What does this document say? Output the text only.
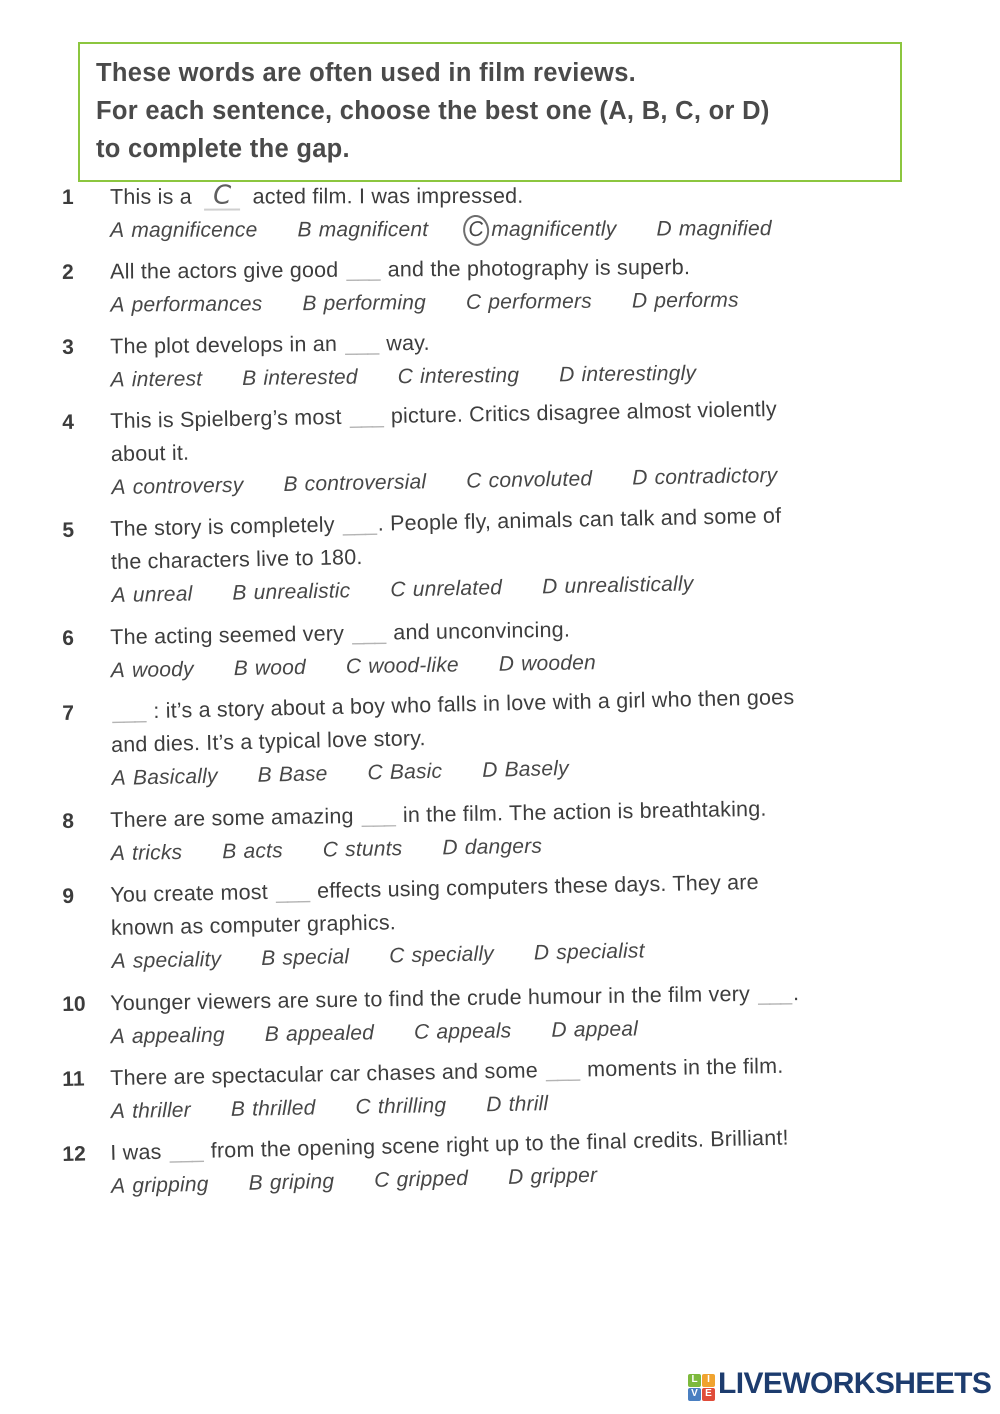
These words are often used in film reviews.
For each sentence, choose the best one (A, B, C, or D)
to complete the gap.
1	This is a C acted film. I was impressed.
A magnificence B magnificent C magnificently D magnified
2	All the actors give good ___ and the photography is superb.
A performances B performing C performers D performs
3	The plot develops in an ___ way.
A interest B interested C interesting D interestingly
4	This is Spielberg’s most ___ picture. Critics disagree almost violently
about it.
A controversy B controversial C convoluted D contradictory
5	The story is completely ___. People fly, animals can talk and some of
the characters live to 180.
A unreal B unrealistic C unrelated D unrealistically
6	The acting seemed very ___ and unconvincing.
A woody B wood C wood-like D wooden
7	___ : it’s a story about a boy who falls in love with a girl who then goes
and dies. It’s a typical love story.
A Basically B Base C Basic D Basely
8	There are some amazing ___ in the film. The action is breathtaking.
A tricks B acts C stunts D dangers
9	You create most ___ effects using computers these days. They are
known as computer graphics.
A speciality B special C specially D specialist
10	Younger viewers are sure to find the crude humour in the film very ___.
A appealing B appealed C appeals D appeal
11	There are spectacular car chases and some ___ moments in the film.
A thriller B thrilled C thrilling D thrill
12	I was ___ from the opening scene right up to the final credits. Brilliant!
A gripping B griping C gripped D gripper
L I
V E LIVEWORKSHEETS
